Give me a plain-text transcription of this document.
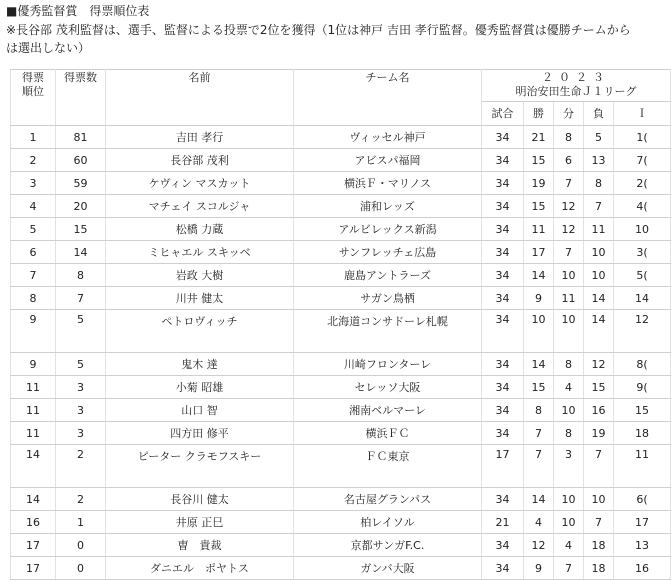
■優秀監督賞　得票順位表
※長谷部 茂利監督は、選手、監督による投票で2位を獲得（1位は神戸 吉田 孝行監督。優秀監督賞は優勝チームからは選出しない）
得票
順位	得票数	名前	チーム名	２０２３
明治安田生命Ｊ１リーグ				
				試合	勝	分	負	Ｉ
1	81	吉田 孝行	ヴィッセル神戸	34	21	8	5	1(
2	60	長谷部 茂利	アビスパ福岡	34	15	6	13	7(
3	59	ケヴィン マスカット	横浜Ｆ・マリノス	34	19	7	8	2(
4	20	マチェイ スコルジャ	浦和レッズ	34	15	12	7	4(
5	15	松橋 力蔵	アルビレックス新潟	34	11	12	11	10
6	14	ミヒャエル スキッベ	サンフレッチェ広島	34	17	7	10	3(
7	8	岩政 大樹	鹿島アントラーズ	34	14	10	10	5(
8	7	川井 健太	サガン鳥栖	34	9	11	14	14
9	5	ペトロヴィッチ	北海道コンサドーレ札幌	34	10	10	14	12
9	5	鬼木 達	川崎フロンターレ	34	14	8	12	8(
11	3	小菊 昭雄	セレッソ大阪	34	15	4	15	9(
11	3	山口 智	湘南ベルマーレ	34	8	10	16	15
11	3	四方田 修平	横浜ＦＣ	34	7	8	19	18
14	2	ピーター クラモフスキー	ＦＣ東京	17	7	3	7	11
14	2	長谷川 健太	名古屋グランパス	34	14	10	10	6(
16	1	井原 正巳	柏レイソル	21	4	10	7	17
17	0	曺　貴裁	京都サンガF.C.	34	12	4	18	13
17	0	ダニエル　ポヤトス	ガンバ大阪	34	9	7	18	16
